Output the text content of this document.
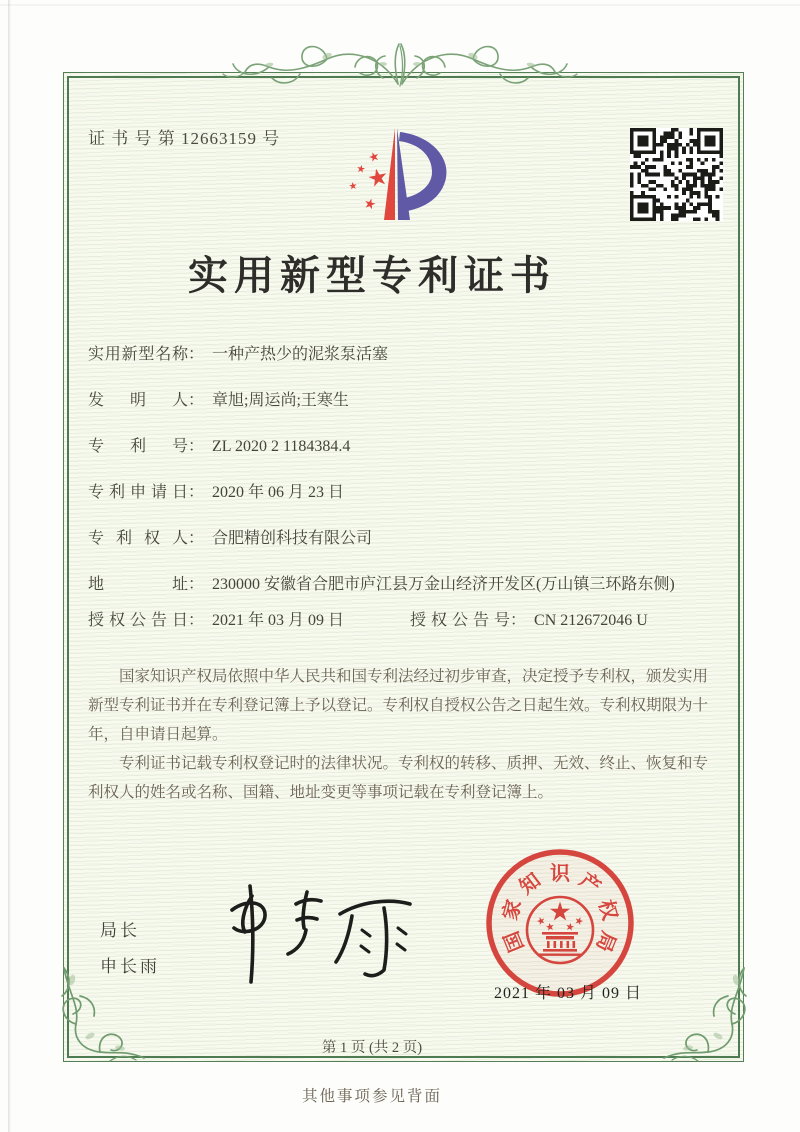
证 书 号 第 12663159 号
实用新型专利证书
实用新型名称 ： 一种产热少的泥浆泵活塞
发明人 ： 章旭;周运尚;王寒生
专利号 ： ZL 2020 2 1184384.4
专利申请日 ： 2020 年 06 月 23 日
专利权人 ： 合肥精创科技有限公司
地址 ： 230000 安徽省合肥市庐江县万金山经济开发区(万山镇三环路东侧)
授权公告日 ： 2021 年 03 月 09 日	授权公告号 ： CN 212672046 U

国家知识产权局依照中华人民共和国专利法经过初步审查，决定授予专利权，颁发实用新型专利证书并在专利登记簿上予以登记。专利权自授权公告之日起生效。专利权期限为十年，自申请日起算。

专利证书记载专利权登记时的法律状况。专利权的转移、质押、无效、终止、恢复和专利权人的姓名或名称、国籍、地址变更等事项记载在专利登记簿上。

局长
申长雨
国
家
知 识 产
权
局
2021 年 03 月 09 日
第 1 页 (共 2 页)
其他事项参见背面
